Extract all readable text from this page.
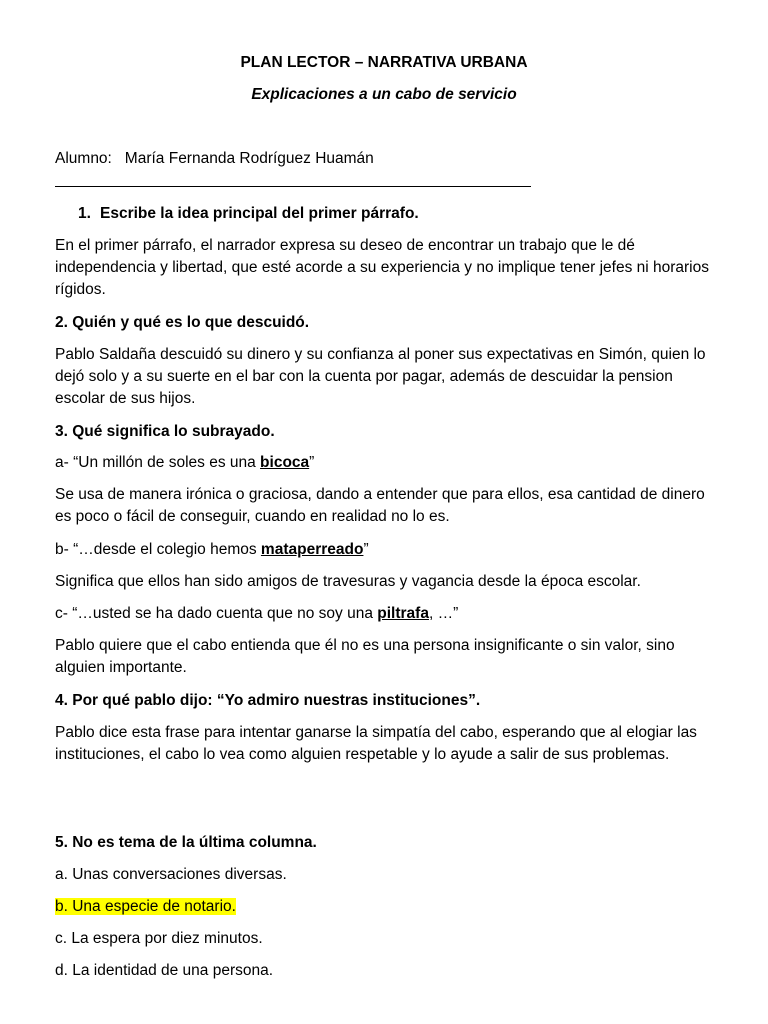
PLAN LECTOR – NARRATIVA URBANA

Explicaciones a un cabo de servicio

Alumno: María Fernanda Rodríguez Huamán

1. Escribe la idea principal del primer párrafo.

En el primer párrafo, el narrador expresa su deseo de encontrar un trabajo que le dé independencia y libertad, que esté acorde a su experiencia y no implique tener jefes ni horarios rígidos.

2. Quién y qué es lo que descuidó.

Pablo Saldaña descuidó su dinero y su confianza al poner sus expectativas en Simón, quien lo dejó solo y a su suerte en el bar con la cuenta por pagar, además de descuidar la pension escolar de sus hijos.

3. Qué significa lo subrayado.

a- “Un millón de soles es una bicoca”

Se usa de manera irónica o graciosa, dando a entender que para ellos, esa cantidad de dinero es poco o fácil de conseguir, cuando en realidad no lo es.

b- “…desde el colegio hemos mataperreado”

Significa que ellos han sido amigos de travesuras y vagancia desde la época escolar.

c- “…usted se ha dado cuenta que no soy una piltrafa, …”

Pablo quiere que el cabo entienda que él no es una persona insignificante o sin valor, sino alguien importante.

4. Por qué pablo dijo: “Yo admiro nuestras instituciones”.

Pablo dice esta frase para intentar ganarse la simpatía del cabo, esperando que al elogiar las instituciones, el cabo lo vea como alguien respetable y lo ayude a salir de sus problemas.

5. No es tema de la última columna.

a. Unas conversaciones diversas.

b. Una especie de notario.

c. La espera por diez minutos.

d. La identidad de una persona.
